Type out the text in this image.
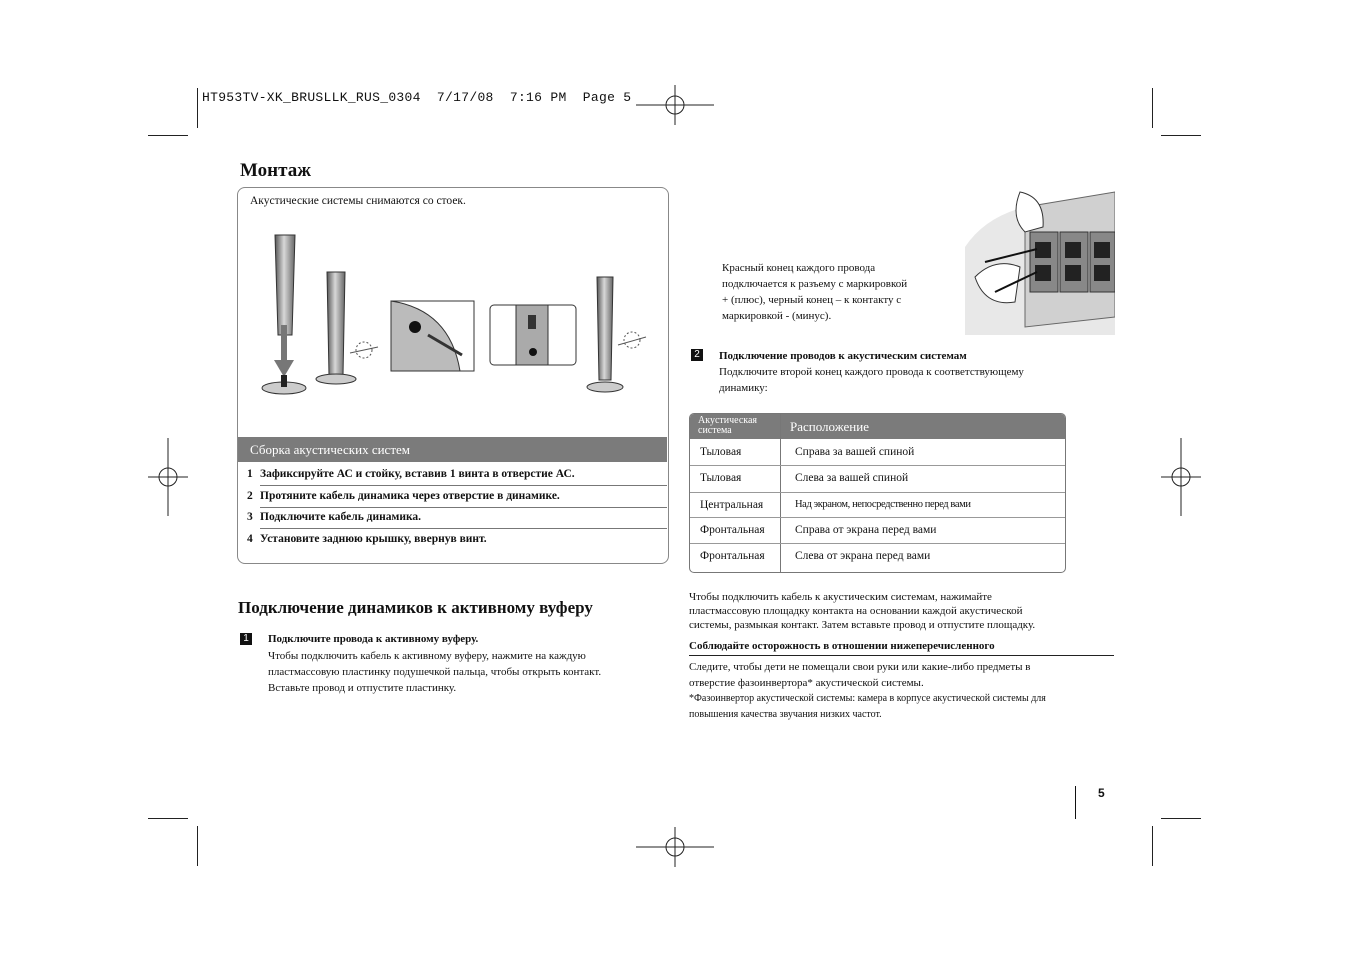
HT953TV-XK_BRUSLLK_RUS_0304  7/17/08  7:16 PM  Page 5
Монтаж
Акустические системы снимаются со стоек.
Сборка акустических систем
1 Зафиксируйте АС и стойку, вставив 1 винта в отверстие АС.
2 Протяните кабель динамика через отверстие в динамике.
3 Подключите кабель динамика.
4 Установите заднюю крышку, ввернув винт.
Подключение динамиков к активному вуферу
1 Подключите провода к активному вуферу.
Чтобы подключить кабель к активному вуферу, нажмите на каждую
пластмассовую пластинку подушечкой пальца, чтобы открыть контакт.
Вставьте провод и отпустите пластинку.
Красный конец каждого провода
подключается к разъему с маркировкой
+ (плюс), черный конец – к контакту с
маркировкой - (минус).
2 Подключение проводов к акустическим системам
Подключите второй конец каждого провода к соответствующему
динамику:
Акустическая
система	Расположение
Тыловая	Справа за вашей спиной
Тыловая	Слева за вашей спиной
Центральная	Над экраном, непосредственно перед вами
Фронтальная	Справа от экрана перед вами
Фронтальная	Слева от экрана перед вами
Чтобы подключить кабель к акустическим системам, нажимайте
пластмассовую площадку контакта на основании каждой акустической
системы, размыкая контакт. Затем вставьте провод и отпустите площадку.
Соблюдайте осторожность в отношении нижеперечисленного
Следите, чтобы дети не помещали свои руки или какие-либо предметы в
отверстие фазоинвертора* акустической системы.
*Фазоинвертор акустической системы: камера в корпусе акустической системы для
повышения качества звучания низких частот.
5
